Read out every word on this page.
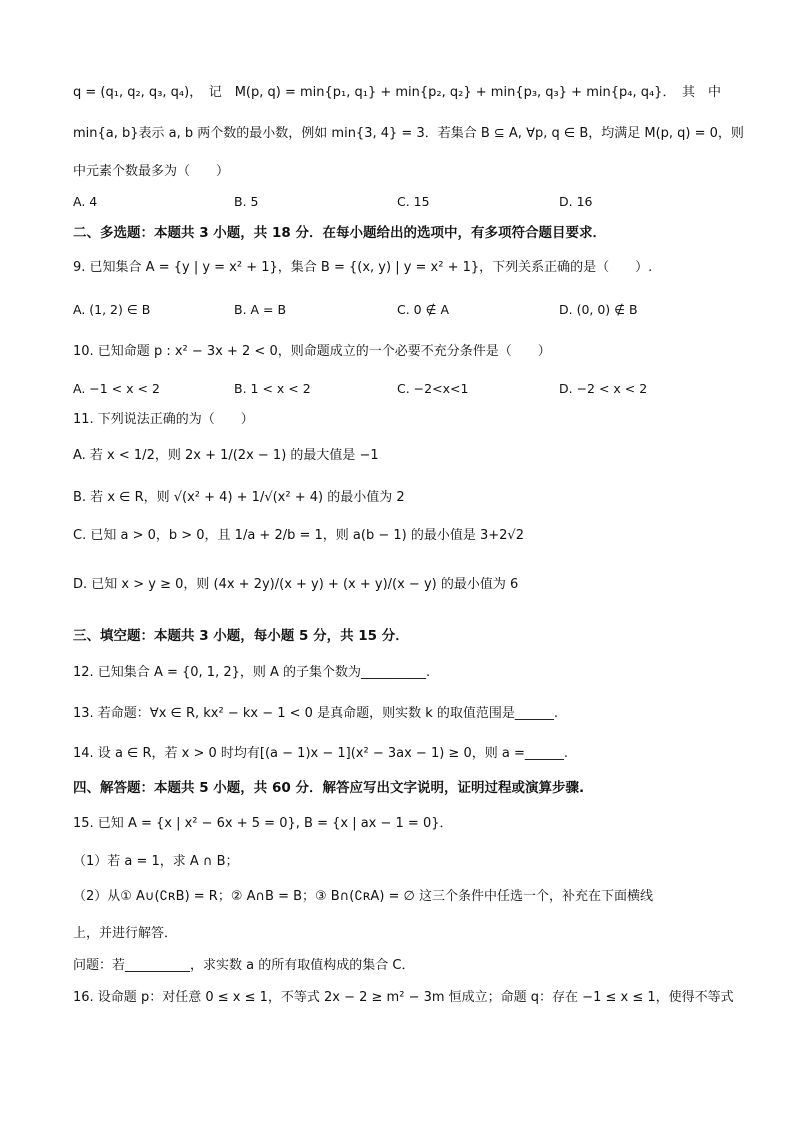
q = (q₁, q₂, q₃, q₄)，　记　M(p, q) = min{p₁, q₁} + min{p₂, q₂} + min{p₃, q₃} + min{p₄, q₄}．　其　中
min{a, b}表示 a, b 两个数的最小数，例如 min{3, 4} = 3．若集合 B ⊆ A, ∀p, q ∈ B，均满足 M(p, q) = 0，则
中元素个数最多为（　　）
A. 4	B. 5	C. 15	D. 16
二、多选题：本题共 3 小题，共 18 分．在每小题给出的选项中，有多项符合题目要求．
9. 已知集合 A = {y | y = x² + 1}，集合 B = {(x, y) | y = x² + 1}，下列关系正确的是（　　）.
A. (1, 2) ∈ B	B. A = B	C. 0 ∉ A	D. (0, 0) ∉ B
10. 已知命题 p : x² − 3x + 2 < 0，则命题成立的一个必要不充分条件是（　　）
A. −1 < x < 2	B. 1 < x < 2	C. −2<x<1	D. −2 < x < 2
11. 下列说法正确的为（　　）
A. 若 x < 1/2，则 2x + 1/(2x − 1) 的最大值是 −1
B. 若 x ∈ R，则 √(x² + 4) + 1/√(x² + 4) 的最小值为 2
C. 已知 a > 0，b > 0，且 1/a + 2/b = 1，则 a(b − 1) 的最小值是 3+2√2
D. 已知 x > y ≥ 0，则 (4x + 2y)/(x + y) + (x + y)/(x − y) 的最小值为 6
三、填空题：本题共 3 小题，每小题 5 分，共 15 分．
12. 已知集合 A = {0, 1, 2}，则 A 的子集个数为__________.
13. 若命题：∀x ∈ R, kx² − kx − 1 < 0 是真命题，则实数 k 的取值范围是______.
14. 设 a ∈ R，若 x > 0 时均有[(a − 1)x − 1](x² − 3ax − 1) ≥ 0，则 a =______.
四、解答题：本题共 5 小题，共 60 分．解答应写出文字说明，证明过程或演算步骤.
15. 已知 A = {x | x² − 6x + 5 = 0}, B = {x | ax − 1 = 0}．
（1）若 a = 1，求 A ∩ B；
（2）从① A∪(∁ʀB) = R；② A∩B = B；③ B∩(∁ʀA) = ∅ 这三个条件中任选一个，补充在下面横线
上，并进行解答．
问题：若__________，求实数 a 的所有取值构成的集合 C．
16. 设命题 p：对任意 0 ≤ x ≤ 1，不等式 2x − 2 ≥ m² − 3m 恒成立；命题 q：存在 −1 ≤ x ≤ 1，使得不等式
